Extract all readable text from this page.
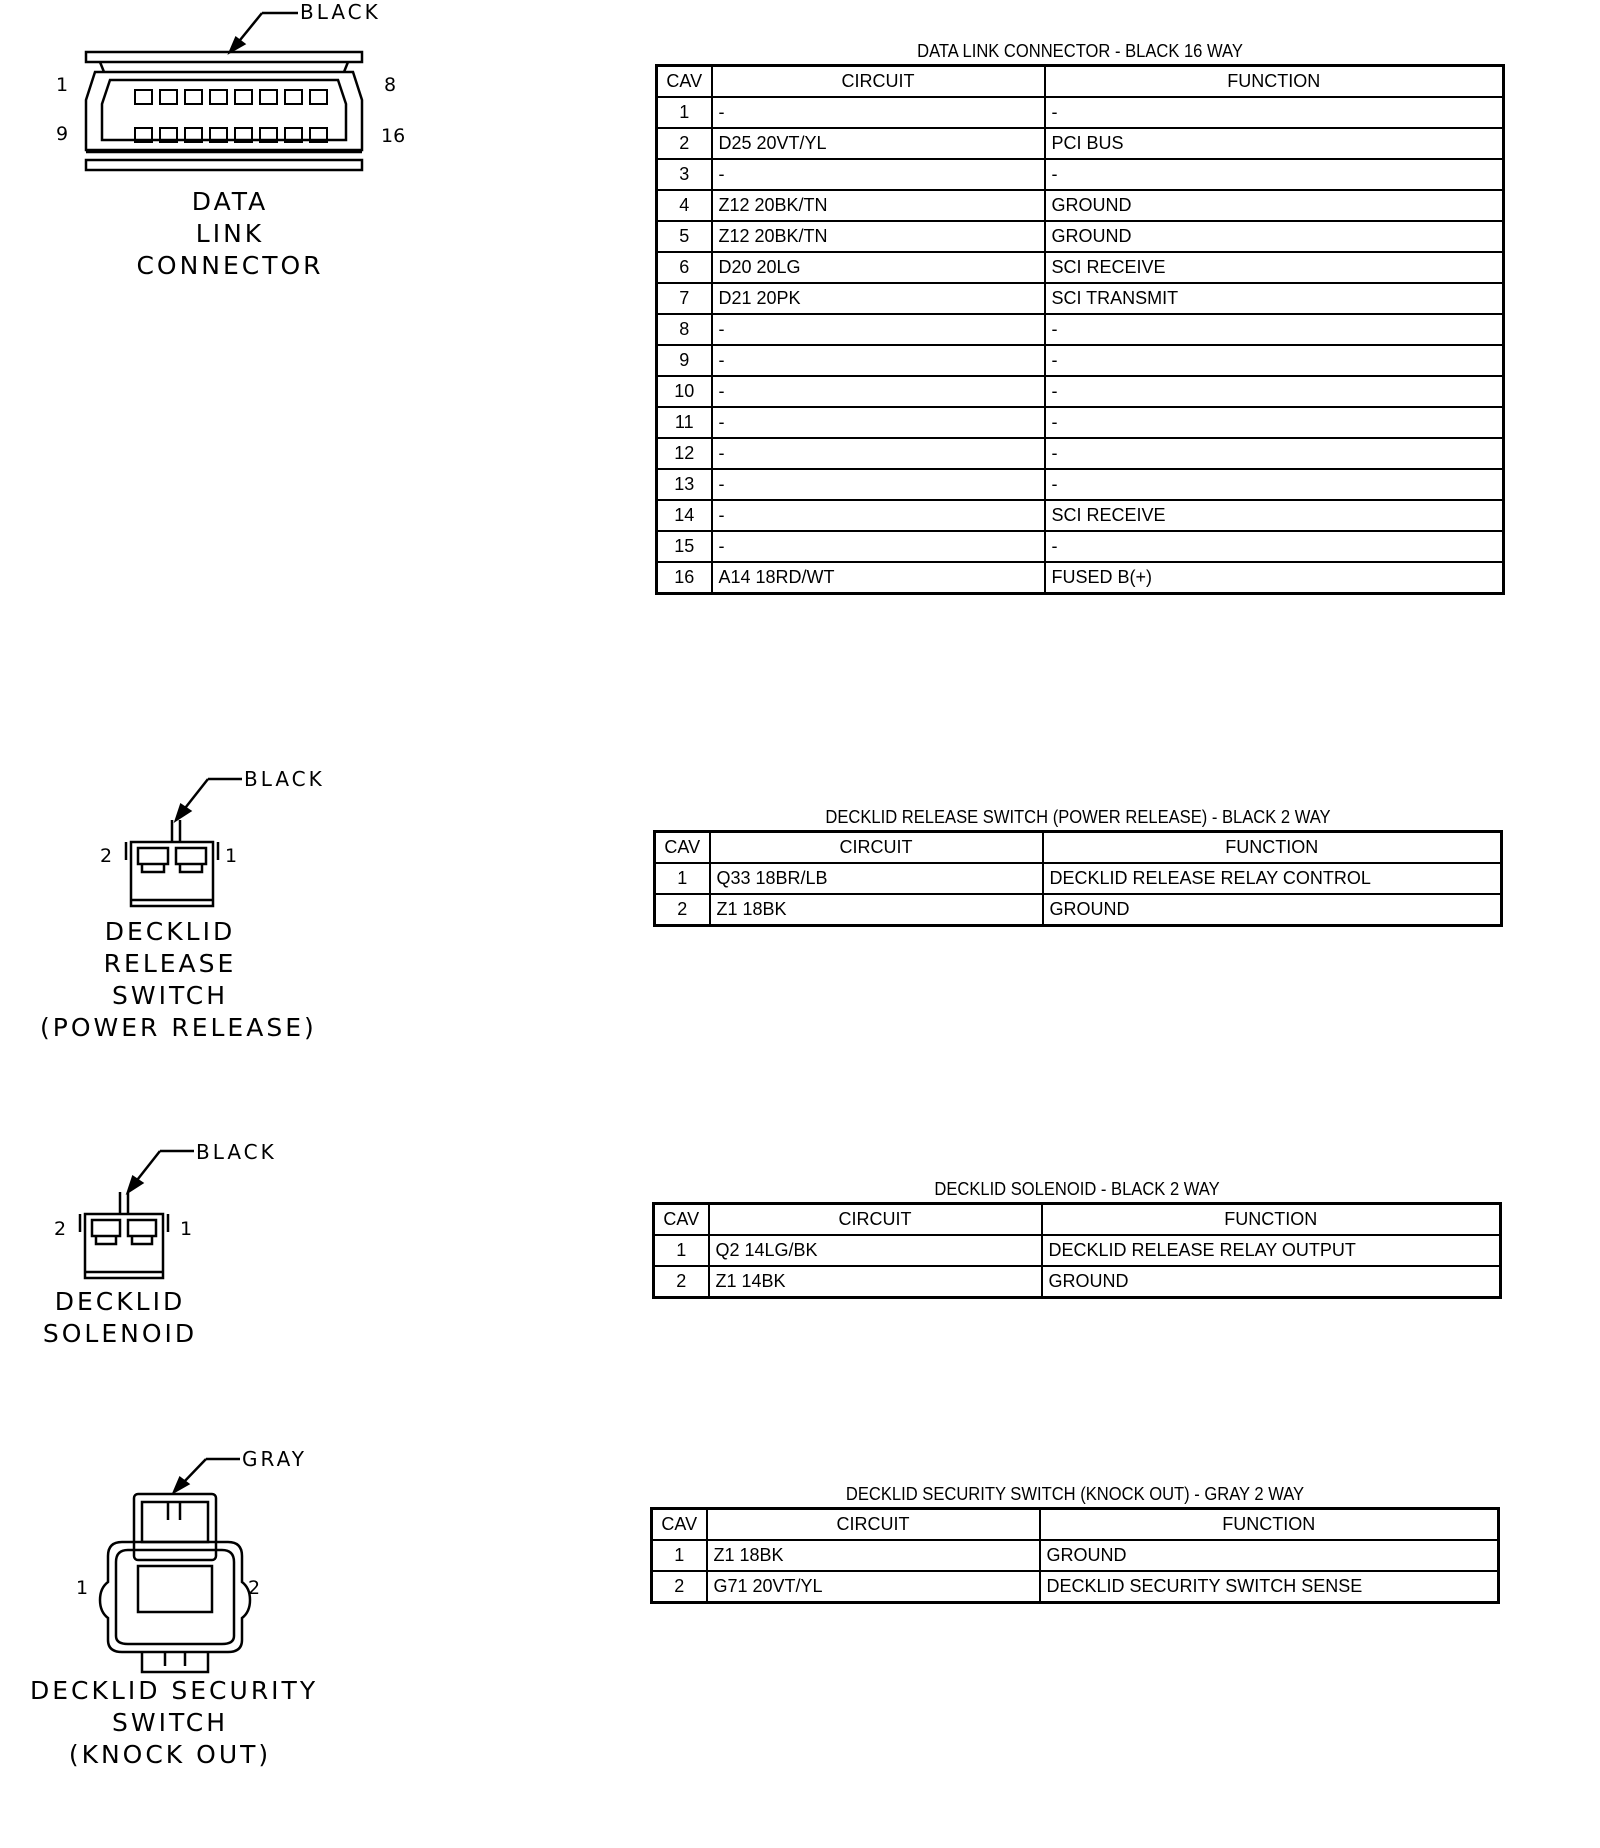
BLACK
1	8
9	16
DATA
LINK
CONNECTOR
DATA LINK CONNECTOR - BLACK 16 WAY
CAV	CIRCUIT	FUNCTION
1	-	-
2	D25 20VT/YL	PCI BUS
3	-	-
4	Z12 20BK/TN	GROUND
5	Z12 20BK/TN	GROUND
6	D20 20LG	SCI RECEIVE
7	D21 20PK	SCI TRANSMIT
8	-	-
9	-	-
10	-	-
11	-	-
12	-	-
13	-	-
14	-	SCI RECEIVE
15	-	-
16	A14 18RD/WT	FUSED B(+)
BLACK
2	1
DECKLID
RELEASE
SWITCH
(POWER RELEASE)
DECKLID RELEASE SWITCH (POWER RELEASE) - BLACK 2 WAY
CAV	CIRCUIT	FUNCTION
1	Q33 18BR/LB	DECKLID RELEASE RELAY CONTROL
2	Z1 18BK	GROUND
BLACK
2	1
DECKLID
SOLENOID
DECKLID SOLENOID - BLACK 2 WAY
CAV	CIRCUIT	FUNCTION
1	Q2 14LG/BK	DECKLID RELEASE RELAY OUTPUT
2	Z1 14BK	GROUND
GRAY
1	2
DECKLID SECURITY
SWITCH
(KNOCK OUT)
DECKLID SECURITY SWITCH (KNOCK OUT) - GRAY 2 WAY
CAV	CIRCUIT	FUNCTION
1	Z1 18BK	GROUND
2	G71 20VT/YL	DECKLID SECURITY SWITCH SENSE
